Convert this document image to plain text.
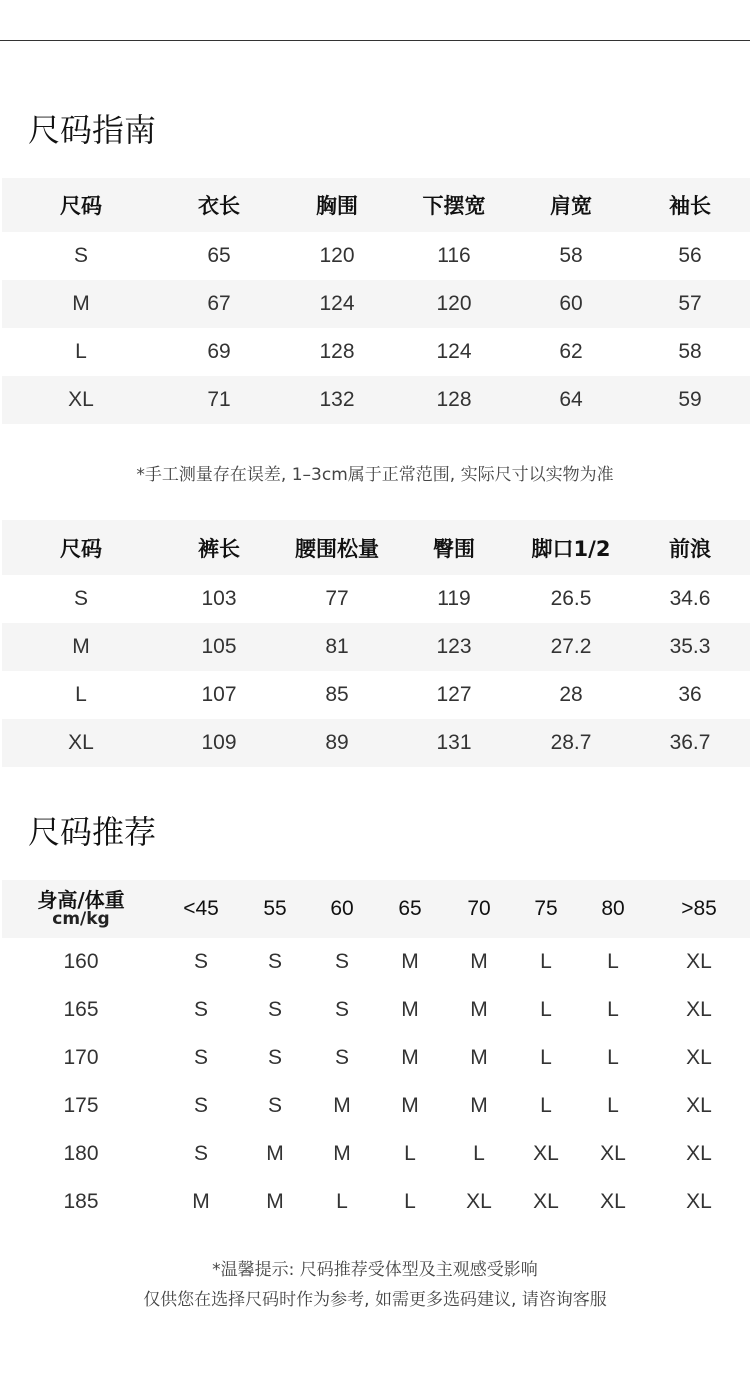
尺码指南
尺码	衣长	胸围	下摆宽	肩宽	袖长
S	65	120	116	58	56
M	67	124	120	60	57
L	69	128	124	62	58
XL	71	132	128	64	59
*手工测量存在误差, 1–3cm属于正常范围, 实际尺寸以实物为准
尺码	裤长	腰围松量	臀围	脚口1/2	前浪
S	103	77	119	26.5	34.6
M	105	81	123	27.2	35.3
L	107	85	127	28	36
XL	109	89	131	28.7	36.7
尺码推荐
身高/体重
cm/kg	<45	55	60	65	70	75	80	>85
160	S	S	S	M	M	L	L	XL
165	S	S	S	M	M	L	L	XL
170	S	S	S	M	M	L	L	XL
175	S	S	M	M	M	L	L	XL
180	S	M	M	L	L	XL	XL	XL
185	M	M	L	L	XL	XL	XL	XL
*温馨提示: 尺码推荐受体型及主观感受影响
仅供您在选择尺码时作为参考, 如需更多选码建议, 请咨询客服
